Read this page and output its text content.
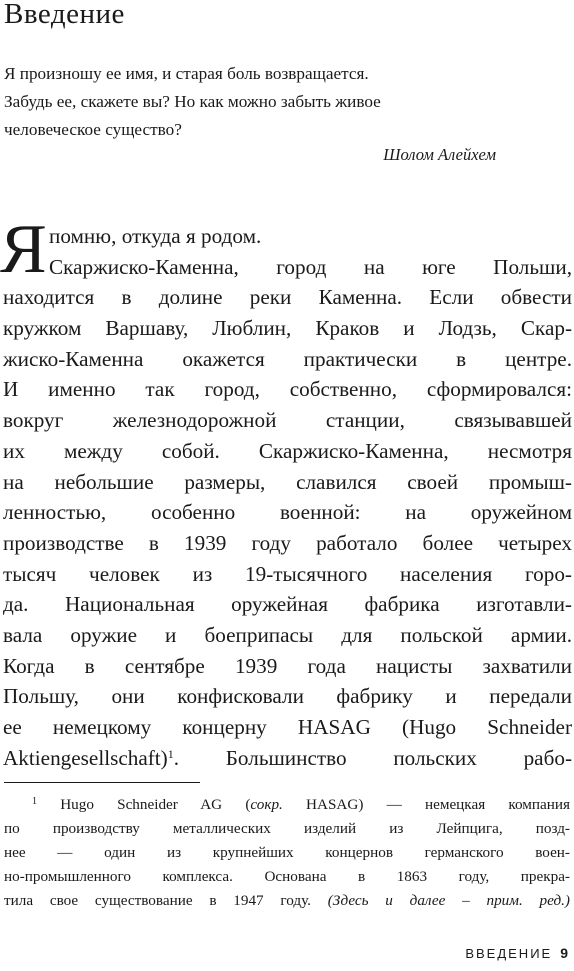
Введение
Я произношу ее имя, и старая боль возвращается.
Забудь ее, скажете вы? Но как можно забыть живое
человеческое существо?
Шолом Алейхем
Я помню, откуда я родом.
Скаржиско-Каменна, город на юге Польши,
находится в долине реки Каменна. Если обвести
кружком Варшаву, Люблин, Краков и Лодзь, Скар-
жиско-Каменна окажется практически в центре.
И именно так город, собственно, сформировался:
вокруг железнодорожной станции, связывавшей
их между собой. Скаржиско-Каменна, несмотря
на небольшие размеры, славился своей промыш-
ленностью, особенно военной: на оружейном
производстве в 1939 году работало более четырех
тысяч человек из 19-тысячного населения горо-
да. Национальная оружейная фабрика изготавли-
вала оружие и боеприпасы для польской армии.
Когда в сентябре 1939 года нацисты захватили
Польшу, они конфисковали фабрику и передали
ее немецкому концерну HASAG (Hugo Schneider
Aktiengesellschaft)$^1$. Большинство польских рабо-
$^1$ Hugo Schneider AG (сокр. HASAG) — немецкая компания
по производству металлических изделий из Лейпцига, позд-
нее — один из крупнейших концернов германского воен-
но-промышленного комплекса. Основана в 1863 году, прекра-
тила свое существование в 1947 году. (Здесь и далее – прим. ред.)
ВВЕДЕНИЕ 9
